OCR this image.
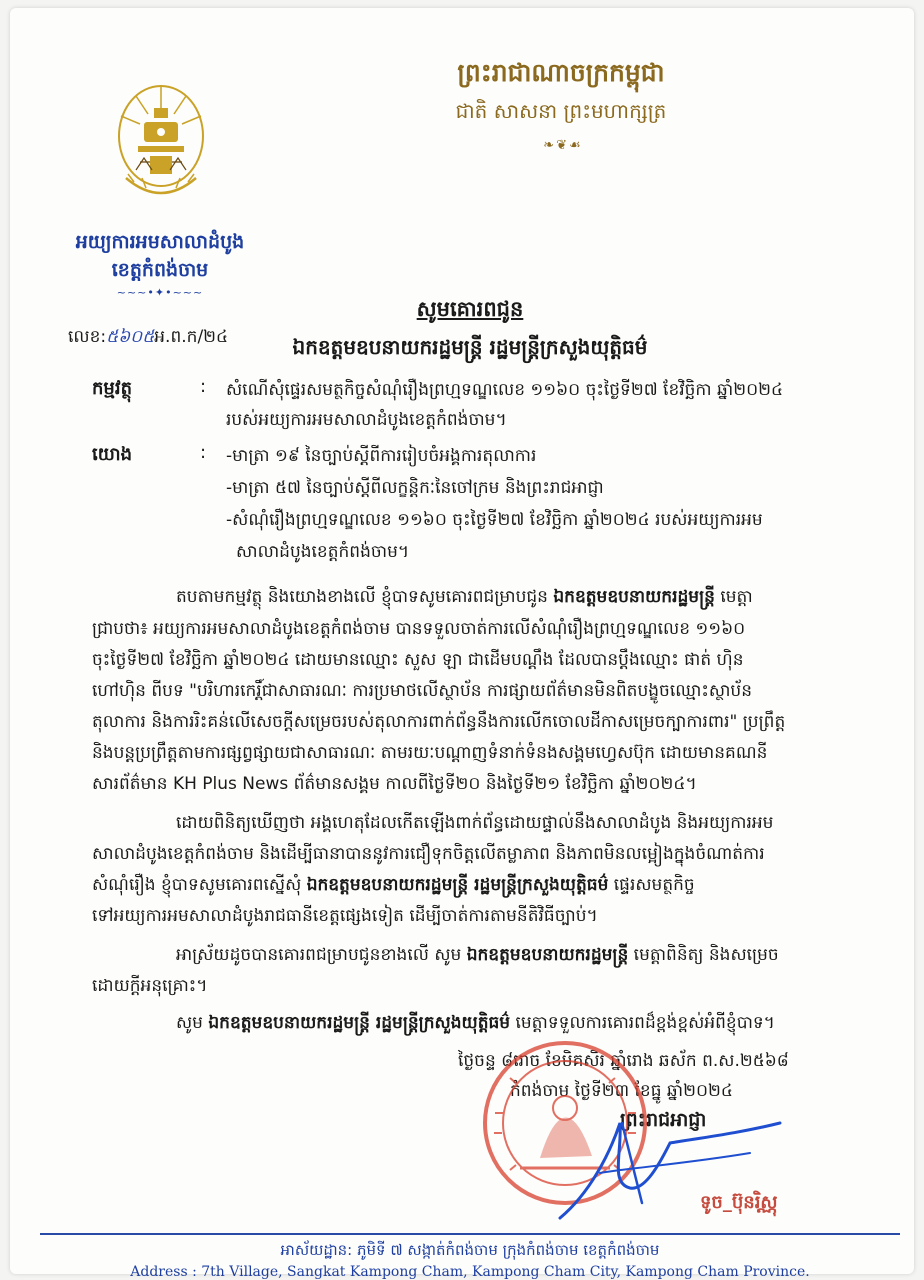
ព្រះរាជាណាចក្រកម្ពុជា
ជាតិ សាសនា ព្រះមហាក្សត្រ
❧❦☙
អយ្យការអមសាលាដំបូង
ខេត្តកំពង់ចាម
~~~•✦•~~~
សូមគោរពជូន
លេខ:៥៦០៥អ.ព.ក/២៤	ឯកឧត្តមឧបនាយករដ្ឋមន្រ្តី រដ្ឋមន្រ្តីក្រសួងយុត្តិធម៌
កម្មវត្ថុ	: សំណើសុំផ្ទេរសមត្ថកិច្ចសំណុំរឿងព្រហ្មទណ្ឌលេខ ១១៦០ ចុះថ្ងៃទី២៧ ខែវិច្ឆិកា ឆ្នាំ២០២៤
របស់អយ្យការអមសាលាដំបូងខេត្តកំពង់ចាម។
យោង	: -មាត្រា ១៩ នៃច្បាប់ស្តីពីការរៀបចំអង្គការតុលាការ
-មាត្រា ៥៧ នៃច្បាប់ស្តីពីលក្ខន្តិកៈនៃចៅក្រម និងព្រះរាជអាជ្ញា
-សំណុំរឿងព្រហ្មទណ្ឌលេខ ១១៦០ ចុះថ្ងៃទី២៧ ខែវិច្ឆិកា ឆ្នាំ២០២៤ របស់អយ្យការអម
សាលាដំបូងខេត្តកំពង់ចាម។
តបតាមកម្មវត្ថុ និងយោងខាងលើ ខ្ញុំបាទសូមគោរពជម្រាបជូន ឯកឧត្តមឧបនាយករដ្ឋមន្រ្តី មេត្តា
ជ្រាបថា៖ អយ្យការអមសាលាដំបូងខេត្តកំពង់ចាម បានទទួលចាត់ការលើសំណុំរឿងព្រហ្មទណ្ឌលេខ ១១៦០
ចុះថ្ងៃទី២៧ ខែវិច្ឆិកា ឆ្នាំ២០២៤ ដោយមានឈ្មោះ សួស ឡា ជាដើមបណ្តឹង ដែលបានប្តឹងឈ្មោះ ផាត់ ហ៊ិន
ហៅហ៊ិន ពីបទ "បរិហារកេរ្តិ៍ជាសាធារណៈ ការប្រមាថលើស្ថាប័ន ការផ្សាយព័ត៌មានមិនពិតបង្ខូចឈ្មោះស្ថាប័ន
តុលាការ និងការរិះគន់លើសេចក្តីសម្រេចរបស់តុលាការពាក់ព័ន្ធនឹងការលើកចោលដីកាសម្រេចក្បាការពារ" ប្រព្រឹត្ត
និងបន្តប្រព្រឹត្តតាមការផ្សព្វផ្សាយជាសាធារណៈ តាមរយៈបណ្តាញទំនាក់ទំនងសង្គមហ្វេសប៊ុក ដោយមានគណនី
សារព័ត៌មាន KH Plus News ព័ត៌មានសង្គម កាលពីថ្ងៃទី២០ និងថ្ងៃទី២១ ខែវិច្ឆិកា ឆ្នាំ២០២៤។
ដោយពិនិត្យឃើញថា អង្គហេតុដែលកើតឡើងពាក់ព័ន្ធដោយផ្ទាល់នឹងសាលាដំបូង និងអយ្យការអម
សាលាដំបូងខេត្តកំពង់ចាម និងដើម្បីធានាបាននូវការជឿទុកចិត្តលើតម្លាភាព និងភាពមិនលម្អៀងក្នុងចំណាត់ការ
សំណុំរឿង ខ្ញុំបាទសូមគោរពស្នើសុំ ឯកឧត្តមឧបនាយករដ្ឋមន្រ្តី រដ្ឋមន្រ្តីក្រសួងយុត្តិធម៌ ផ្ទេរសមត្ថកិច្ច
ទៅអយ្យការអមសាលាដំបូងរាជធានីខេត្តផ្សេងទៀត ដើម្បីចាត់ការតាមនីតិវិធីច្បាប់។
អាស្រ័យដូចបានគោរពជម្រាបជូនខាងលើ សូម ឯកឧត្តមឧបនាយករដ្ឋមន្រ្តី មេត្តាពិនិត្យ និងសម្រេច
ដោយក្តីអនុគ្រោះ។
សូម ឯកឧត្តមឧបនាយករដ្ឋមន្រ្តី រដ្ឋមន្រ្តីក្រសួងយុត្តិធម៌ មេត្តាទទួលការគោរពដ៏ខ្ពង់ខ្ពស់អំពីខ្ញុំបាទ។
ថ្ងៃចន្ទ ៨រោច ខែមិគសិរ ឆ្នាំរោង ឆស័ក ព.ស.២៥៦៨
កំពង់ចាម ថ្ងៃទី២៣ ខែធ្នូ ឆ្នាំ២០២៤
ព្រះរាជអាជ្ញា
ទូច_ប៊ុនរិស្ណុ
អាស័យដ្ឋាន: ភូមិទី ៧ សង្កាត់កំពង់ចាម ក្រុងកំពង់ចាម ខេត្តកំពង់ចាម
Address : 7th Village, Sangkat Kampong Cham, Kampong Cham City, Kampong Cham Province.
